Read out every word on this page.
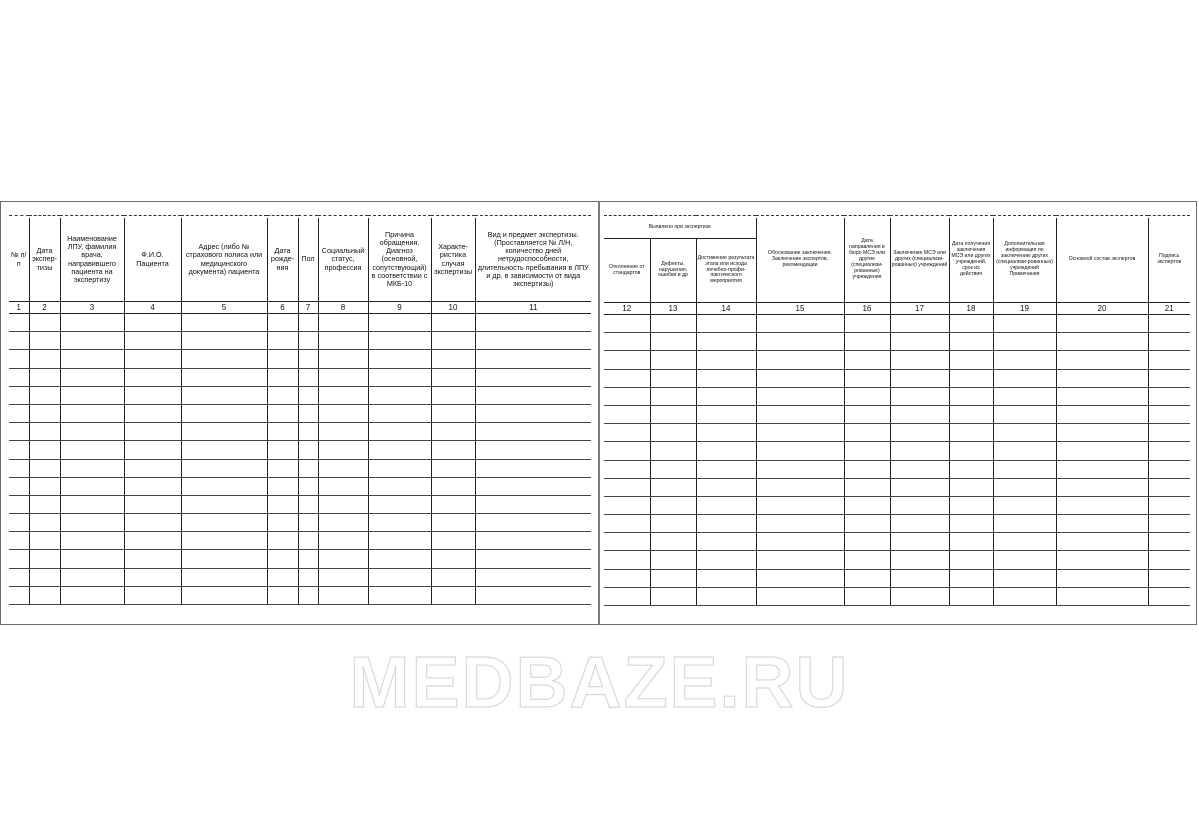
№ п/п	Дата экспер-тизы	Наименование ЛПУ, фамилия врача, направившего пациента на экспертизу	Ф.И.О. Пациента	Адрес (либо № страхового полиса или медицинского документа) пациента	Дата рожде-ния	Пол	Социальный статус, профессия	Причина обращения. Диагноз (основной, сопутствующий) в соответствии с МКБ-10	Характе-ристика случая экспертизы	Вид и предмет экспертизы. (Проставляется № Л/Н, количество дней нетрудоспособности, длительность пребывания в ЛПУ и др. в зависимости от вида экспертизы)

1	2	3	4	5	6	7	8	9	10	11

Выявлено при экспертизе			Обоснование заключения. Заключение экспертов, рекомендации	Дата направления в бюро МСЭ или другие (специализи-рованные) учреждения	Заключение МСЭ или других (специализи-рованных) учреждений	Дата получения заключения МСЭ или других учреждений, срок их действия	Дополнительная информация по заключению других (специализи-рованных) учреждений Примечания	Основной состав экспертов	Подпись экспертов

Отклонение от стандартов	Дефекты, нарушения, ошибки и др	Достижение результата этапа или исхода лечебно-профи-лактического мероприятия							

12	13	14	15	16	17	18	19	20	21

MEDBAZE.RU
